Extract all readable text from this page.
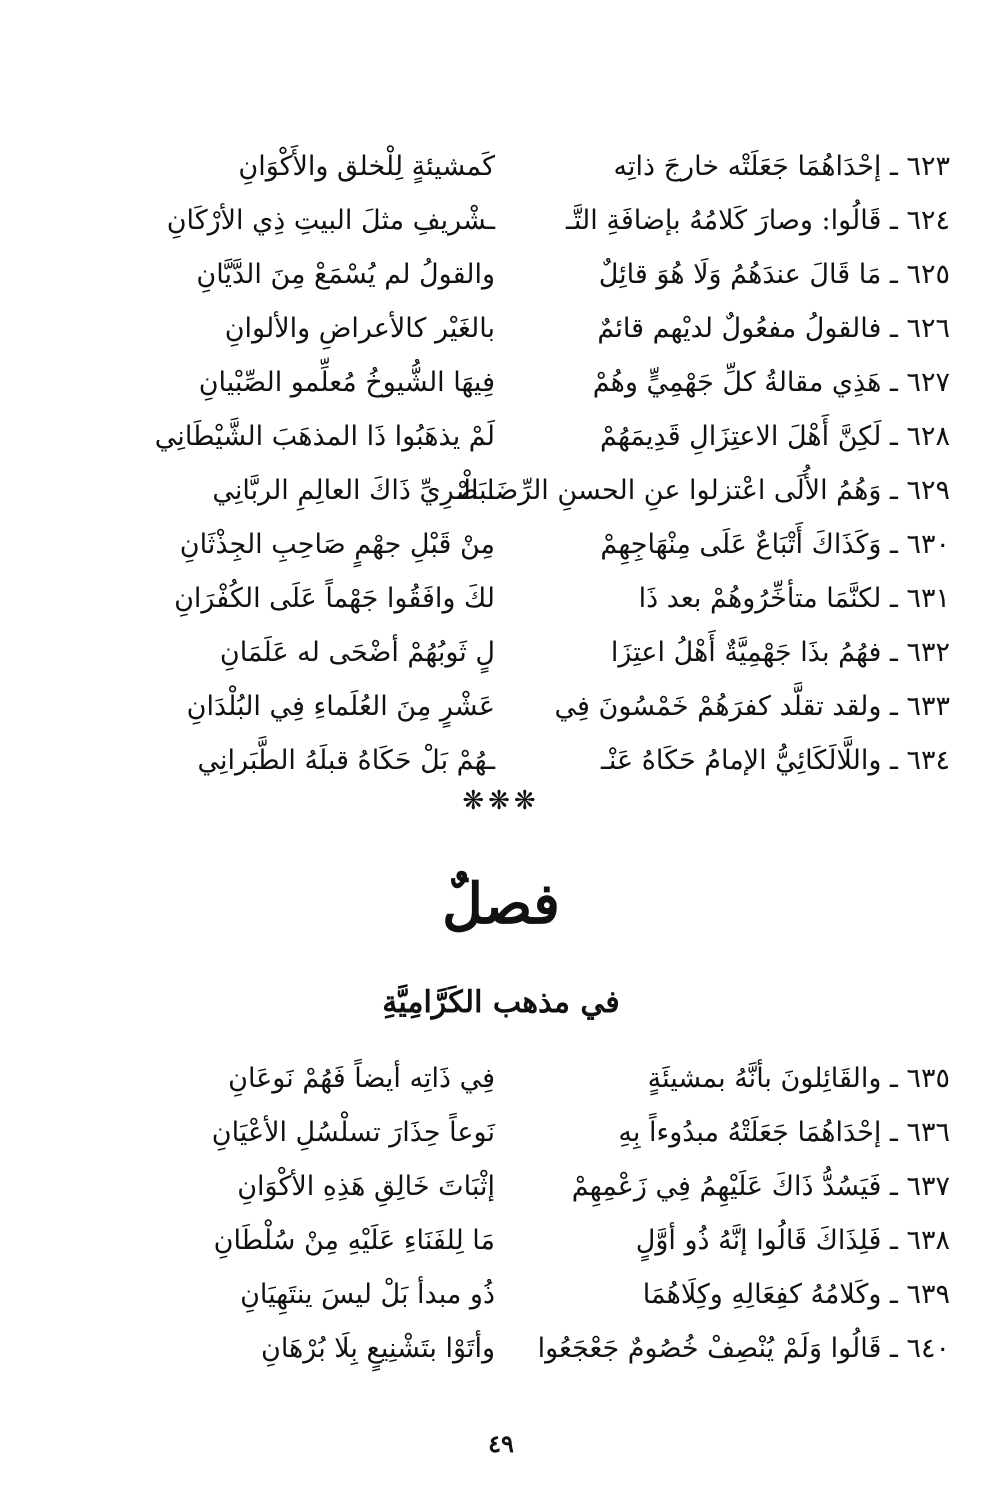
٦٢٣ ـ إحْدَاهُمَا جَعَلَتْه خارجَ ذاتِه
كَمشيئةٍ لِلْخلق والأَكْوَانِ
٦٢٤ ـ قَالُوا: وصارَ كَلامُهُ بإضافَةِ التَّـ
ـشْريفِ مثلَ البيتِ ذِي الأرْكَانِ
٦٢٥ ـ مَا قَالَ عندَهُمُ وَلَا هُوَ قائِلٌ
والقولُ لم يُسْمَعْ مِنَ الدَّيَّانِ
٦٢٦ ـ فالقولُ مفعُولٌ لديْهم قائمٌ
بالغَيْر كالأعراضِ والألوانِ
٦٢٧ ـ هَذِي مقالةُ كلِّ جَهْمِيٍّ وهُمْ
فِيهَا الشُّيوخُ مُعلِّمو الصِّبْيانِ
٦٢٨ ـ لَكِنَّ أَهْلَ الاعتِزَالِ قَدِيمَهُمْ
لَمْ يذهَبُوا ذَا المذهَبَ الشَّيْطَانِي
٦٢٩ ـ وَهُمُ الأُلَى اعْتزلوا عنِ الحسنِ الرِّضَا الْـ
ـبَصْرِيِّ ذَاكَ العالِمِ الربَّانِي
٦٣٠ ـ وَكَذَاكَ أَتْبَاعٌ عَلَى مِنْهَاجِهِمْ
مِنْ قَبْلِ جهْمٍ صَاحِبِ الجِذْثَانِ
٦٣١ ـ لكنَّمَا متأخِّرُوهُمْ بعد ذَا
لكَ وافَقُوا جَهْماً عَلَى الكُفْرَانِ
٦٣٢ ـ فهُمُ بذَا جَهْمِيَّةٌ أَهْلُ اعتِزَا
لٍ ثَوبُهُمْ أضْحَى له عَلَمَانِ
٦٣٣ ـ ولقد تقلَّد كفرَهُمْ خَمْسُونَ فِي
عَشْرٍ مِنَ العُلَماءِ فِي البُلْدَانِ
٦٣٤ ـ واللَّالَكَائِيُّ الإمامُ حَكَاهُ عَنْـ
ـهُمْ بَلْ حَكَاهُ قبلَهُ الطَّبَرانِي
❋❋❋
فصلٌ
في مذهب الكَرَّامِيَّةِ
٦٣٥ ـ والقَائِلونَ بأنَّهُ بمشيئَةٍ
فِي ذَاتِه أيضاً فَهُمْ نَوعَانِ
٦٣٦ ـ إحْدَاهُمَا جَعَلَتْهُ مبدُوءاً بِهِ
نَوعاً حِذَارَ تسلْسُلِ الأعْيَانِ
٦٣٧ ـ فَيَسُدُّ ذَاكَ عَلَيْهِمُ فِي زَعْمِهِمْ
إثْبَاتَ خَالِقِ هَذِهِ الأكْوَانِ
٦٣٨ ـ فَلِذَاكَ قَالُوا إنَّهُ ذُو أوَّلٍ
مَا لِلفَنَاءِ عَلَيْهِ مِنْ سُلْطَانِ
٦٣٩ ـ وكَلامُهُ كفِعَالِهِ وكِلَاهُمَا
ذُو مبدأ بَلْ ليسَ ينتَهِيَانِ
٦٤٠ ـ قَالُوا وَلَمْ يُنْصِفْ خُصُومٌ جَعْجَعُوا
وأتَوْا بتَشْنِيعٍ بِلَا بُرْهَانِ
٤٩
